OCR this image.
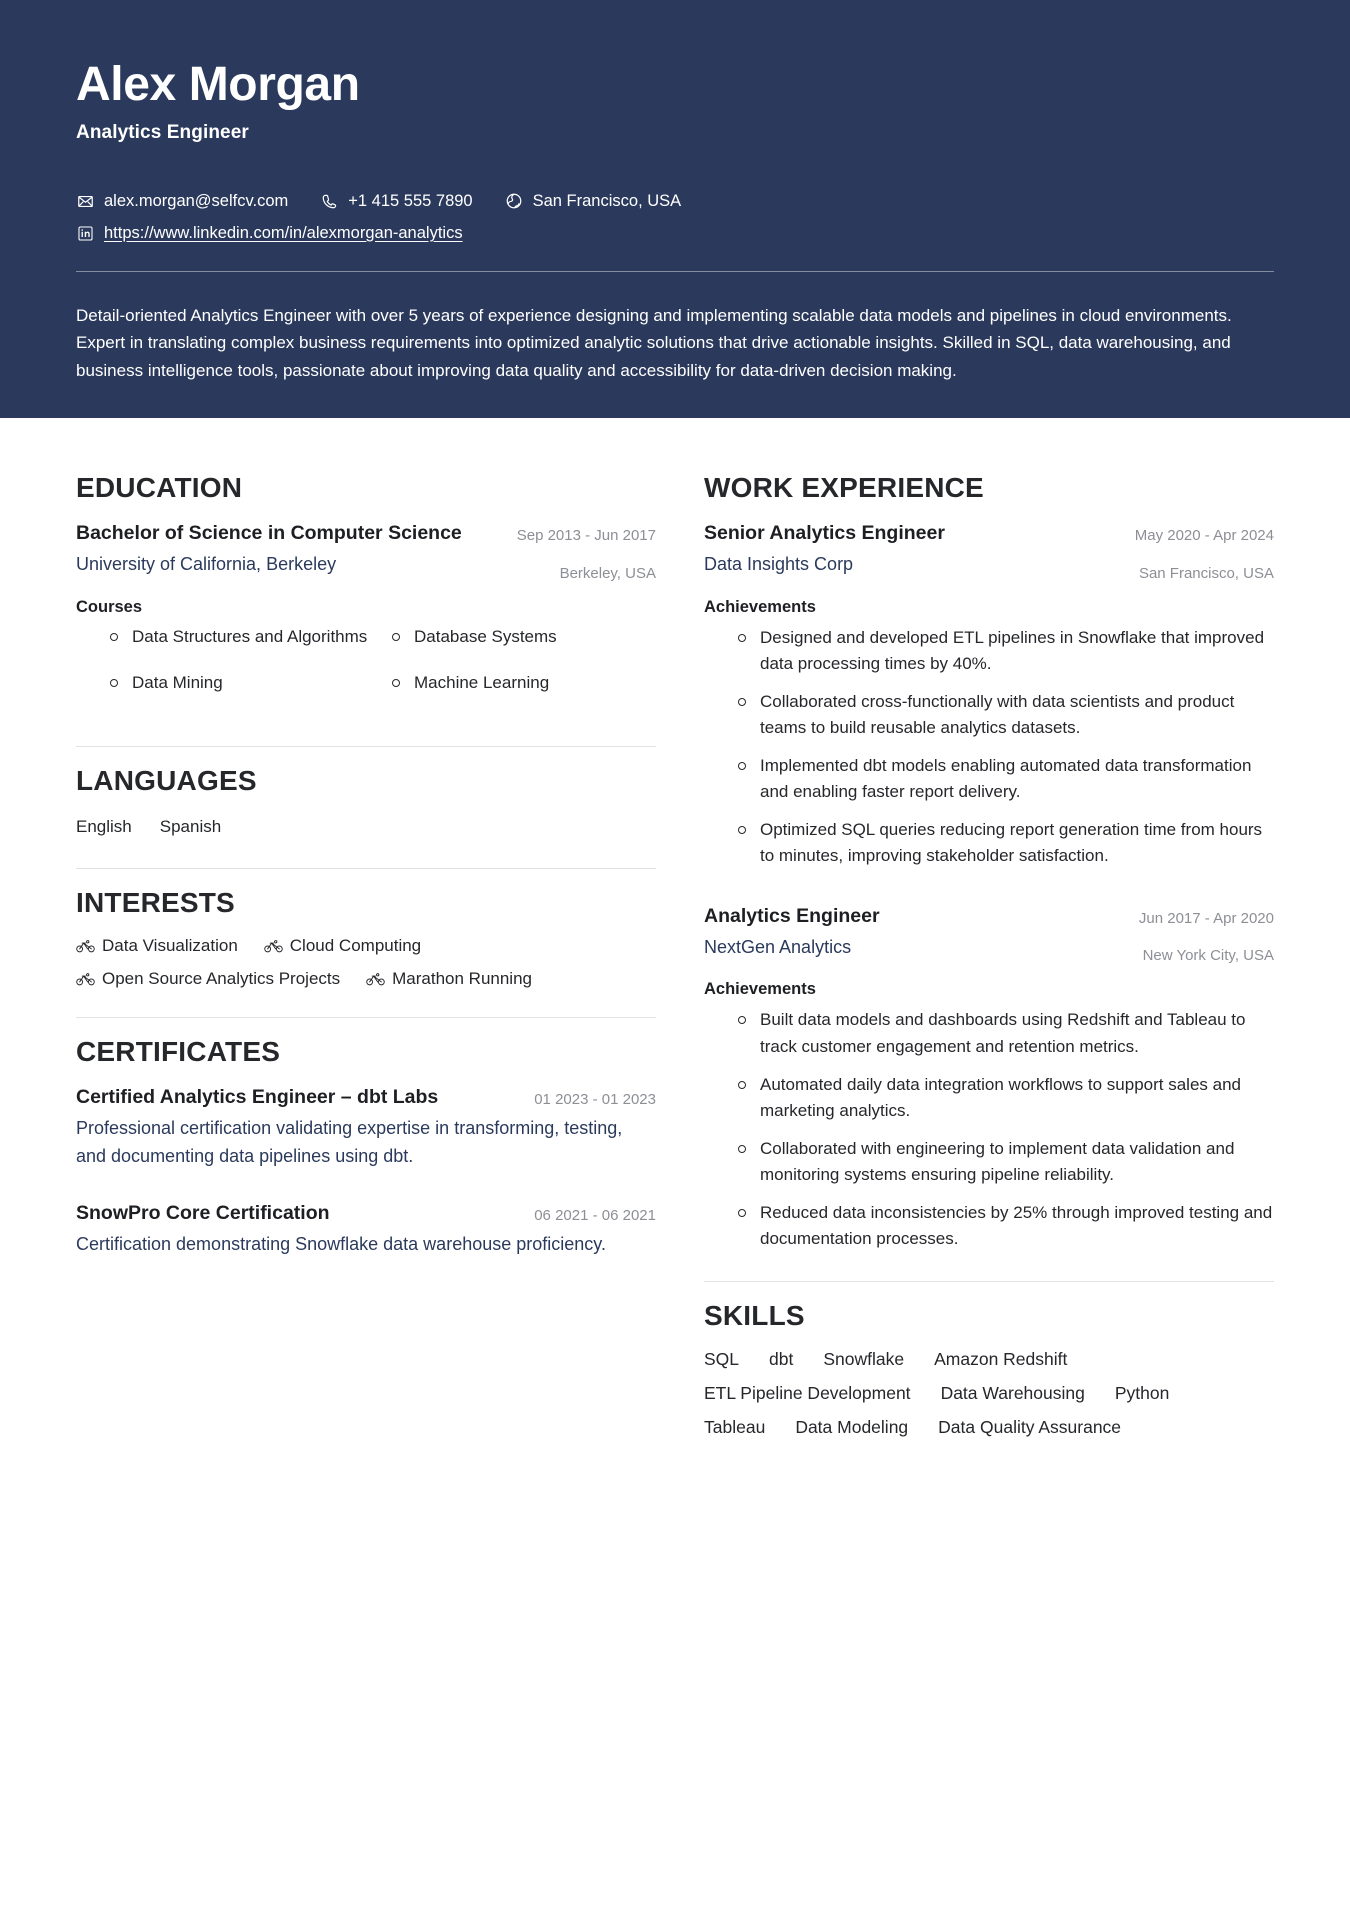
Alex Morgan
Analytics Engineer
alex.morgan@selfcv.com	+1 415 555 7890	San Francisco, USA
https://www.linkedin.com/in/alexmorgan-analytics
Detail-oriented Analytics Engineer with over 5 years of experience designing and implementing scalable data models and pipelines in cloud environments. Expert in translating complex business requirements into optimized analytic solutions that drive actionable insights. Skilled in SQL, data warehousing, and business intelligence tools, passionate about improving data quality and accessibility for data-driven decision making.
EDUCATION
Bachelor of Science in Computer Science
University of California, Berkeley
Sep 2013 - Jun 2017
Berkeley, USA
Courses
Data Structures and Algorithms	Database Systems
Data Mining	Machine Learning
LANGUAGES
English Spanish
INTERESTS
Data Visualization	Cloud Computing
Open Source Analytics Projects	Marathon Running
CERTIFICATES
Certified Analytics Engineer – dbt Labs	01 2023 - 01 2023
Professional certification validating expertise in transforming, testing, and documenting data pipelines using dbt.
SnowPro Core Certification	06 2021 - 06 2021
Certification demonstrating Snowflake data warehouse proficiency.
WORK EXPERIENCE
Senior Analytics Engineer
Data Insights Corp
May 2020 - Apr 2024
San Francisco, USA
Achievements
Designed and developed ETL pipelines in Snowflake that improved data processing times by 40%.
Collaborated cross-functionally with data scientists and product teams to build reusable analytics datasets.
Implemented dbt models enabling automated data transformation and enabling faster report delivery.
Optimized SQL queries reducing report generation time from hours to minutes, improving stakeholder satisfaction.
Analytics Engineer
NextGen Analytics
Jun 2017 - Apr 2020
New York City, USA
Achievements
Built data models and dashboards using Redshift and Tableau to track customer engagement and retention metrics.
Automated daily data integration workflows to support sales and marketing analytics.
Collaborated with engineering to implement data validation and monitoring systems ensuring pipeline reliability.
Reduced data inconsistencies by 25% through improved testing and documentation processes.
SKILLS
SQL dbt Snowflake Amazon Redshift
ETL Pipeline Development Data Warehousing Python
Tableau Data Modeling Data Quality Assurance
